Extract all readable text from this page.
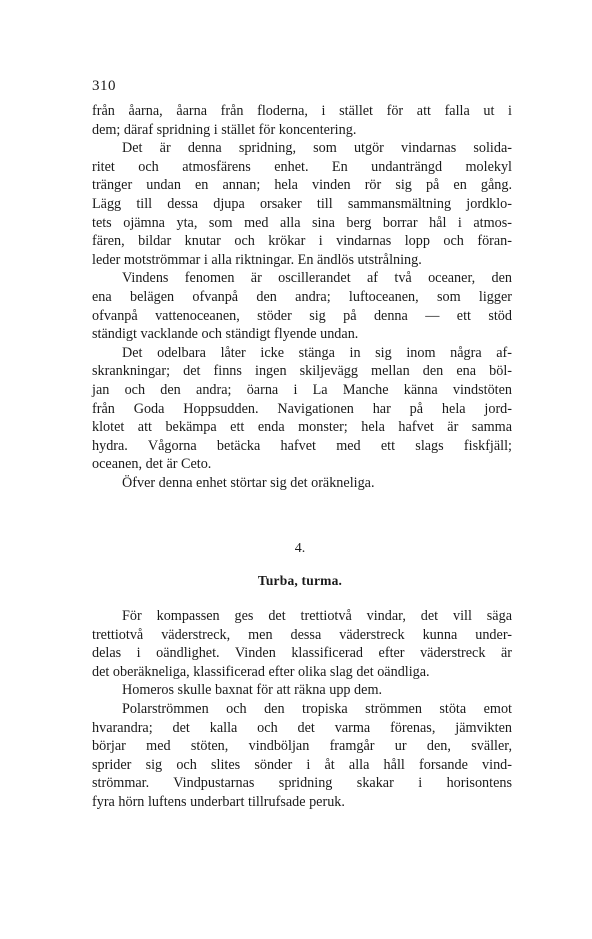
310
från åarna, åarna från floderna, i stället för att falla ut i
dem; däraf spridning i stället för koncentering.
Det är denna spridning, som utgör vindarnas solida-
ritet och atmosfärens enhet. En undanträngd molekyl
tränger undan en annan; hela vinden rör sig på en gång.
Lägg till dessa djupa orsaker till sammansmältning jordklo-
tets ojämna yta, som med alla sina berg borrar hål i atmos-
fären, bildar knutar och krökar i vindarnas lopp och föran-
leder motströmmar i alla riktningar. En ändlös utstrålning.
Vindens fenomen är oscillerandet af två oceaner, den
ena belägen ofvanpå den andra; luftoceanen, som ligger
ofvanpå vattenoceanen, stöder sig på denna — ett stöd
ständigt vacklande och ständigt flyende undan.
Det odelbara låter icke stänga in sig inom några af-
skrankningar; det finns ingen skiljevägg mellan den ena böl-
jan och den andra; öarna i La Manche känna vindstöten
från Goda Hoppsudden. Navigationen har på hela jord-
klotet att bekämpa ett enda monster; hela hafvet är samma
hydra. Vågorna betäcka hafvet med ett slags fiskfjäll;
oceanen, det är Ceto.
Öfver denna enhet störtar sig det oräkneliga.
4.
Turba, turma.
För kompassen ges det trettiotvå vindar, det vill säga
trettiotvå väderstreck, men dessa väderstreck kunna under-
delas i oändlighet. Vinden klassificerad efter väderstreck är
det oberäkneliga, klassificerad efter olika slag det oändliga.
Homeros skulle baxnat för att räkna upp dem.
Polarströmmen och den tropiska strömmen stöta emot
hvarandra; det kalla och det varma förenas, jämvikten
börjar med stöten, vindböljan framgår ur den, sväller,
sprider sig och slites sönder i åt alla håll forsande vind-
strömmar. Vindpustarnas spridning skakar i horisontens
fyra hörn luftens underbart tillrufsade peruk.
